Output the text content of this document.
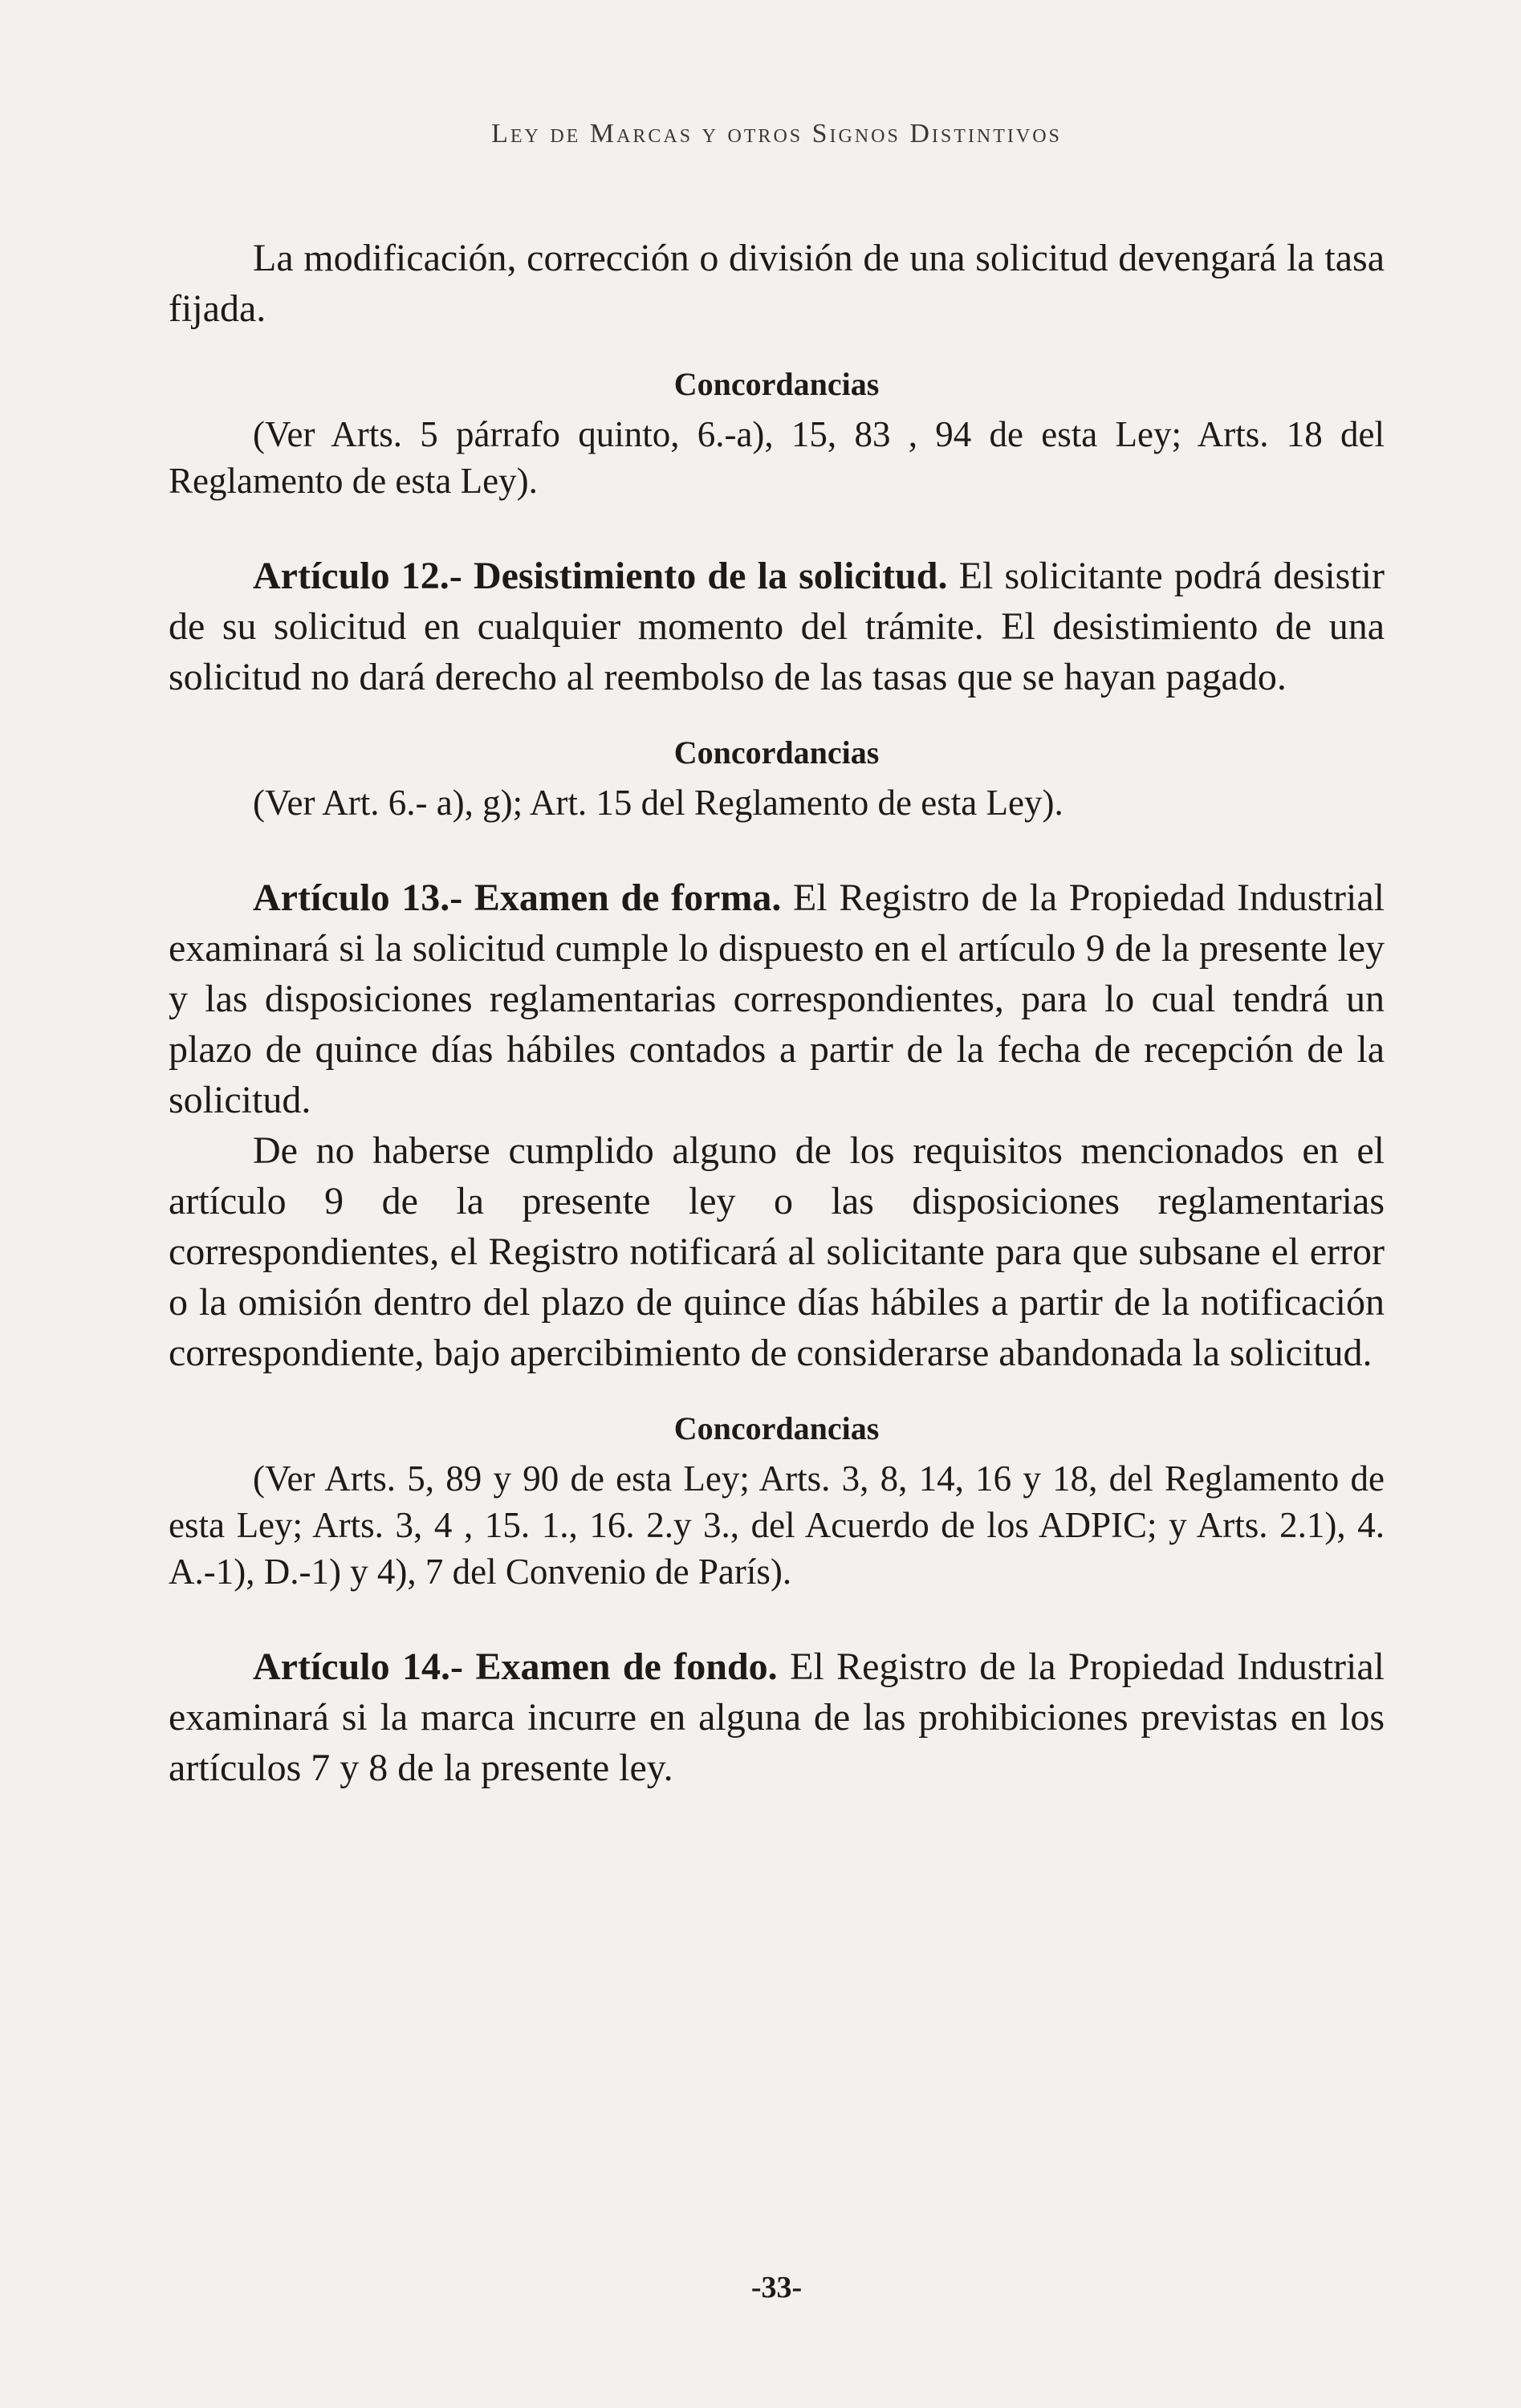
Ley de Marcas y otros Signos Distintivos

La modificación, corrección o división de una solicitud devengará la tasa fijada.

Concordancias

(Ver Arts. 5 párrafo quinto, 6.-a), 15, 83 , 94 de esta Ley; Arts. 18 del Reglamento de esta Ley).

Artículo 12.- Desistimiento de la solicitud. El solicitante podrá desistir de su solicitud en cualquier momento del trámite. El desistimiento de una solicitud no dará derecho al reembolso de las tasas que se hayan pagado.

Concordancias

(Ver Art. 6.- a), g); Art. 15 del Reglamento de esta Ley).

Artículo 13.- Examen de forma. El Registro de la Propiedad Industrial examinará si la solicitud cumple lo dispuesto en el artículo 9 de la presente ley y las disposiciones reglamentarias correspondientes, para lo cual tendrá un plazo de quince días hábiles contados a partir de la fecha de recepción de la solicitud.

De no haberse cumplido alguno de los requisitos mencionados en el artículo 9 de la presente ley o las disposiciones reglamentarias correspondientes, el Registro notificará al solicitante para que subsane el error o la omisión dentro del plazo de quince días hábiles a partir de la notificación correspondiente, bajo apercibimiento de considerarse abandonada la solicitud.

Concordancias

(Ver Arts. 5, 89 y 90 de esta Ley; Arts. 3, 8, 14, 16 y 18, del Reglamento de esta Ley; Arts. 3, 4 , 15. 1., 16. 2.y 3., del Acuerdo de los ADPIC; y Arts. 2.1), 4. A.-1), D.-1) y 4), 7 del Convenio de París).

Artículo 14.- Examen de fondo. El Registro de la Propiedad Industrial examinará si la marca incurre en alguna de las prohibiciones previstas en los artículos 7 y 8 de la presente ley.

-33-
